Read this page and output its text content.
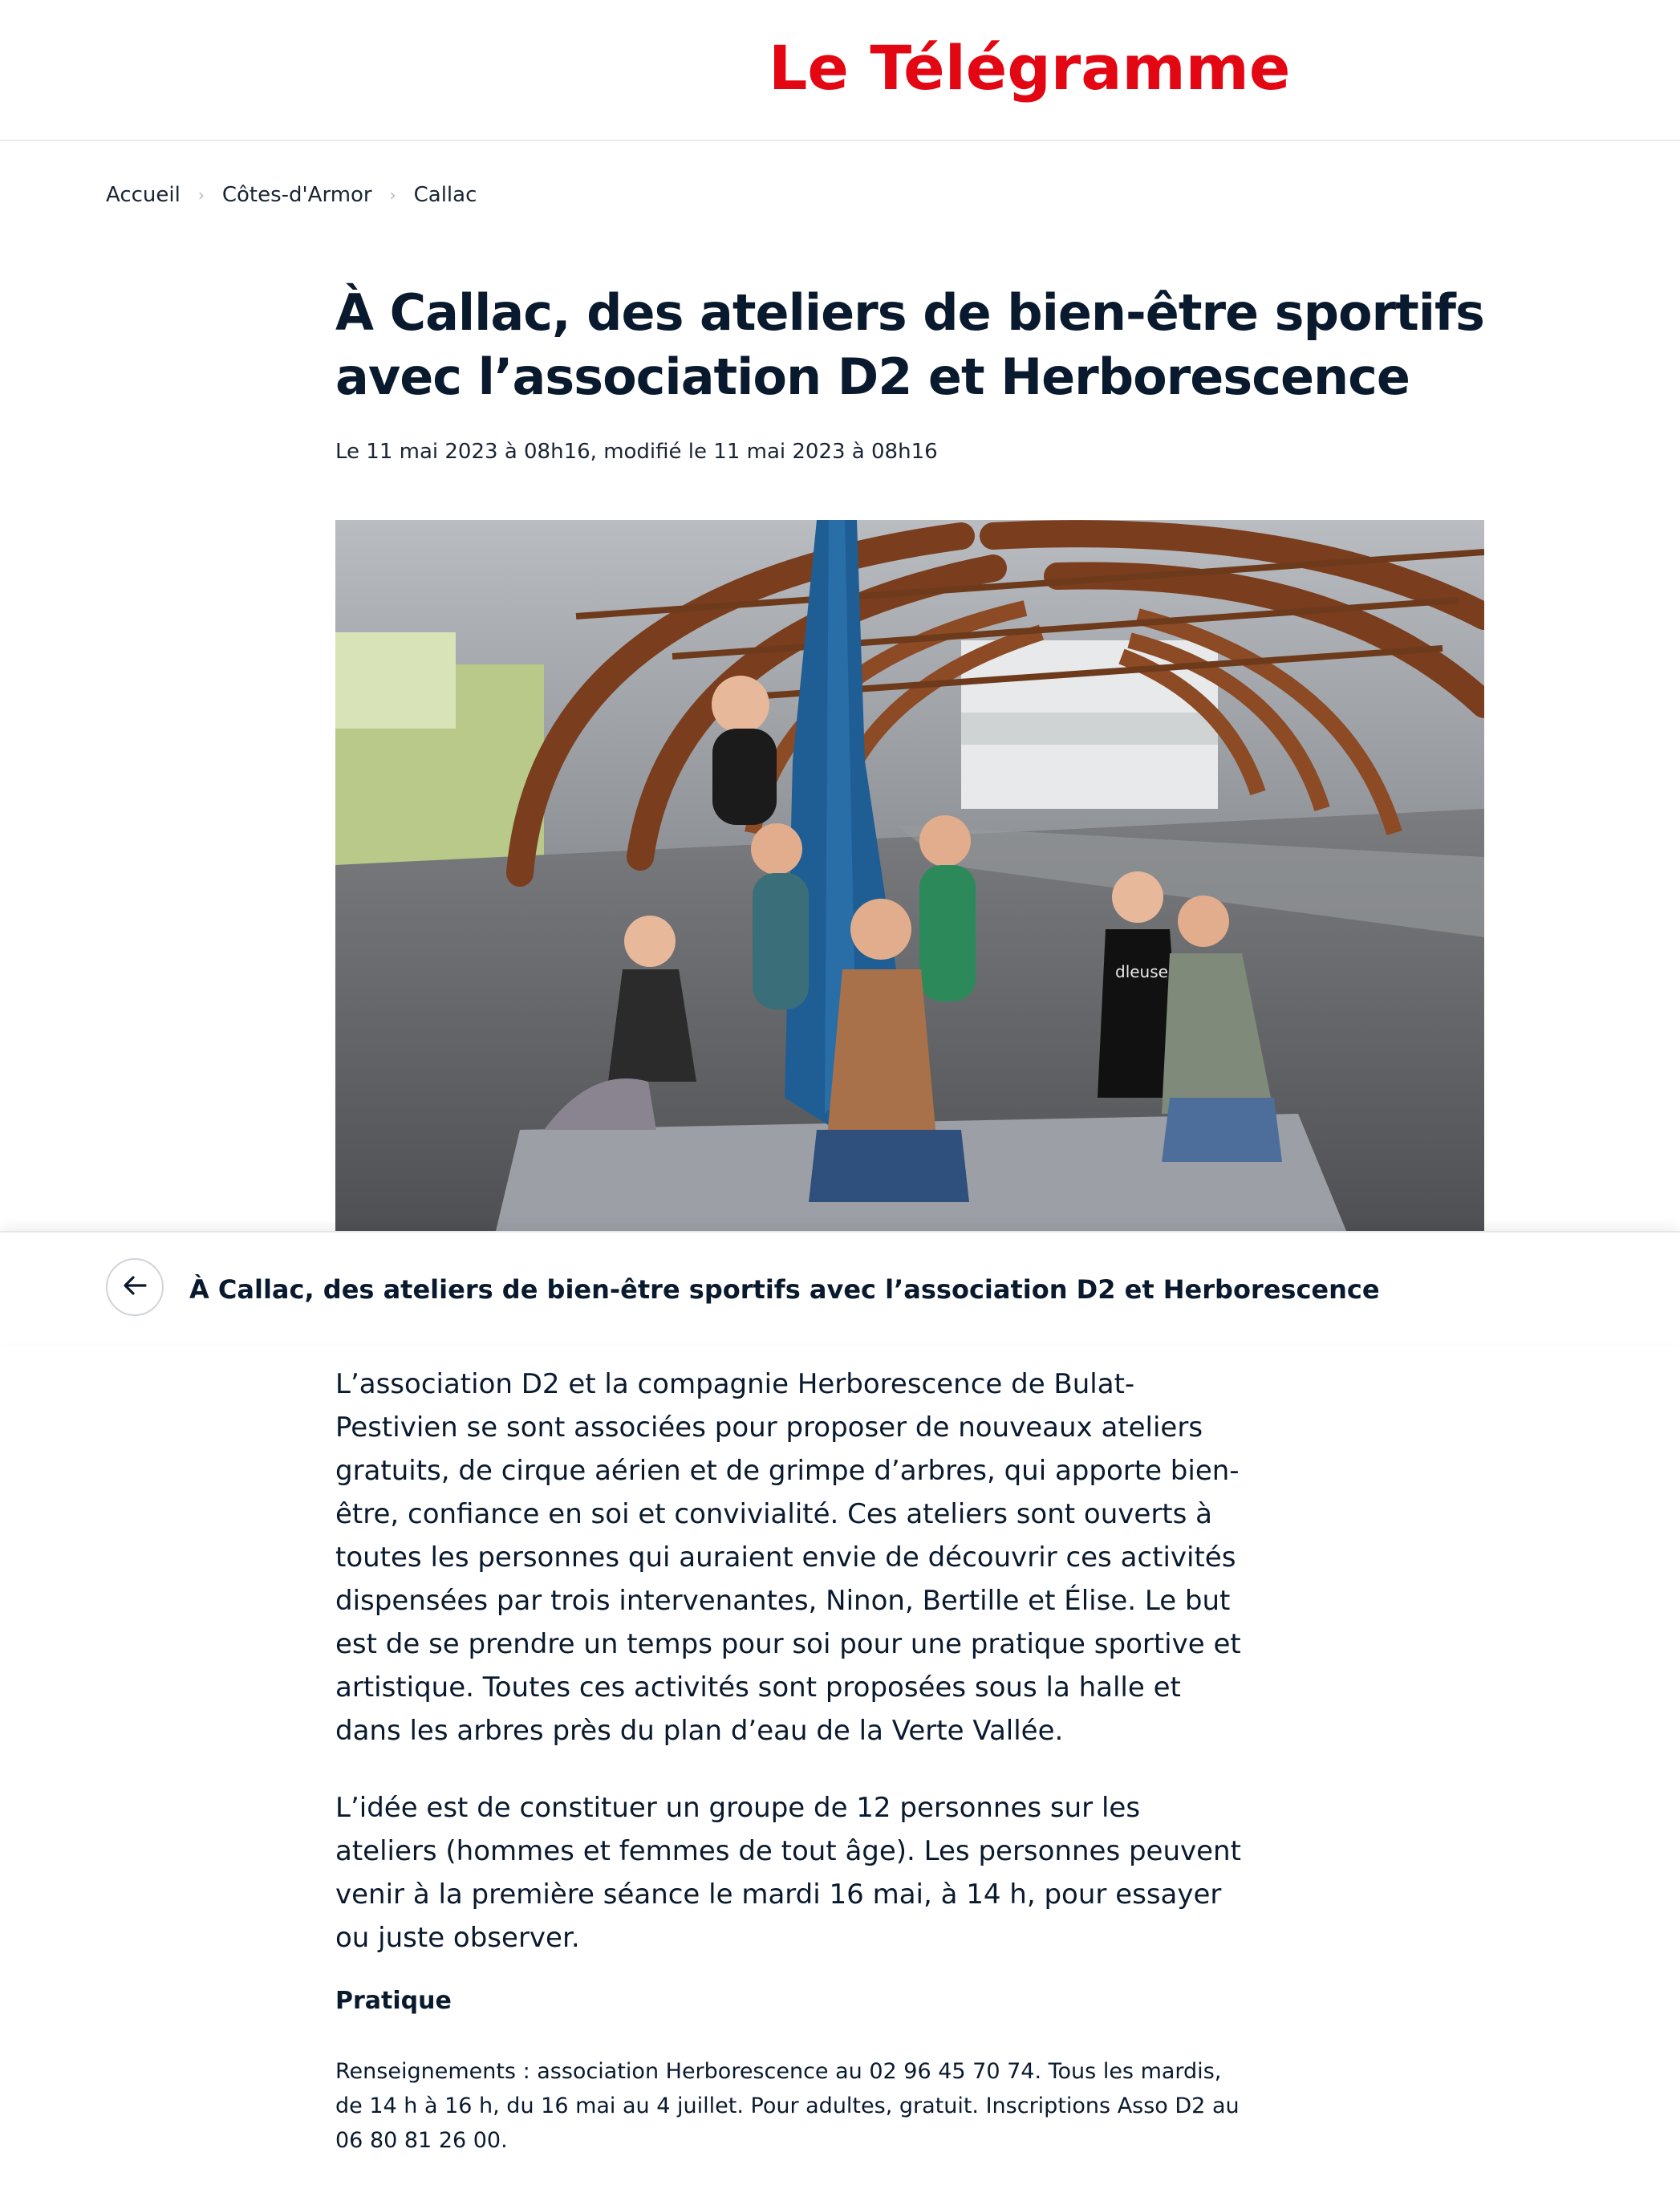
Le Télégramme
Accueil › Côtes-d'Armor › Callac
À Callac, des ateliers de bien-être sportifs avec l’association D2 et Herborescence
Le 11 mai 2023 à 08h16, modifié le 11 mai 2023 à 08h16
dleuse
À Callac, des ateliers de bien-être sportifs avec l’association D2 et Herborescence

L’association D2 et la compagnie Herborescence de Bulat-Pestivien se sont associées pour proposer de nouveaux ateliers gratuits, de cirque aérien et de grimpe d’arbres, qui apporte bien-être, confiance en soi et convivialité. Ces ateliers sont ouverts à toutes les personnes qui auraient envie de découvrir ces activités dispensées par trois intervenantes, Ninon, Bertille et Élise. Le but est de se prendre un temps pour soi pour une pratique sportive et artistique. Toutes ces activités sont proposées sous la halle et dans les arbres près du plan d’eau de la Verte Vallée.

L’idée est de constituer un groupe de 12 personnes sur les ateliers (hommes et femmes de tout âge). Les personnes peuvent venir à la première séance le mardi 16 mai, à 14 h, pour essayer ou juste observer.

Pratique

Renseignements : association Herborescence au 02 96 45 70 74. Tous les mardis, de 14 h à 16 h, du 16 mai au 4 juillet. Pour adultes, gratuit. Inscriptions Asso D2 au 06 80 81 26 00.
